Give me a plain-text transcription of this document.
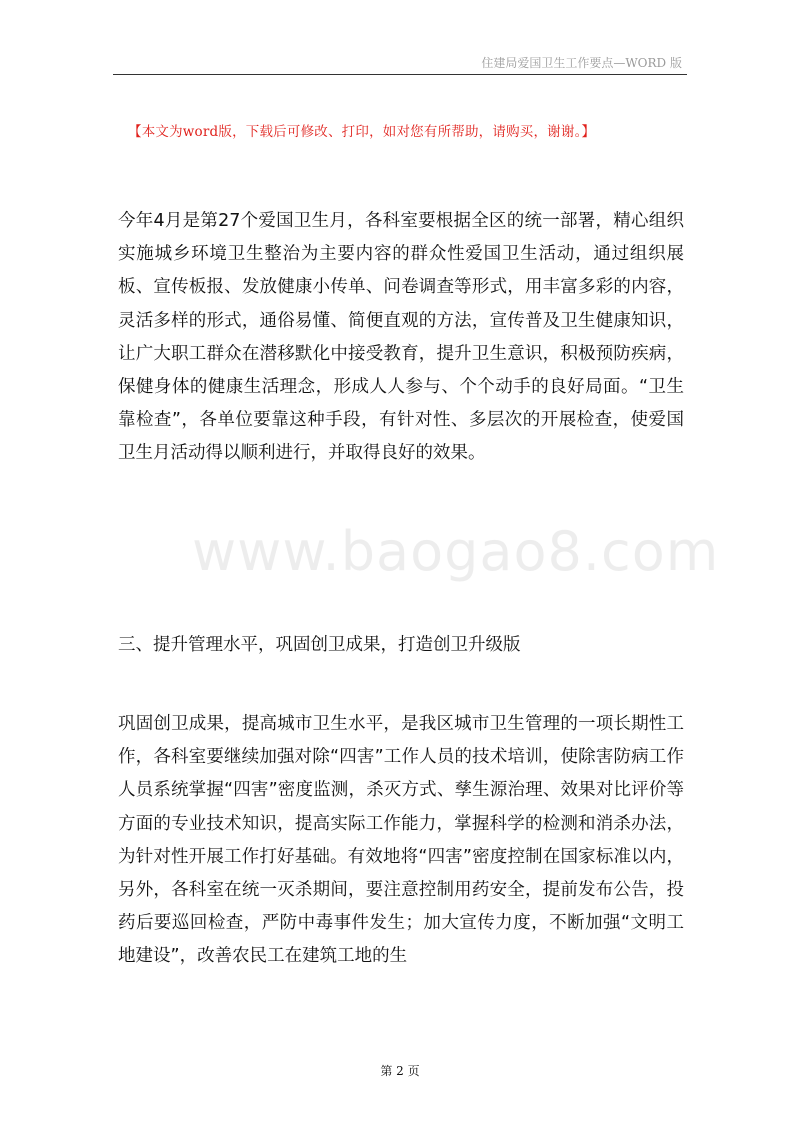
住建局爱国卫生工作要点—WORD 版
【本文为word版，下载后可修改、打印，如对您有所帮助，请购买，谢谢。】

今年4月是第27个爱国卫生月，各科室要根据全区的统一部署，精心组织实施城乡环境卫生整治为主要内容的群众性爱国卫生活动，通过组织展板、宣传板报、发放健康小传单、问卷调查等形式，用丰富多彩的内容，灵活多样的形式，通俗易懂、简便直观的方法，宣传普及卫生健康知识，让广大职工群众在潜移默化中接受教育，提升卫生意识，积极预防疾病，保健身体的健康生活理念，形成人人参与、个个动手的良好局面。“卫生靠检查”，各单位要靠这种手段，有针对性、多层次的开展检查，使爱国卫生月活动得以顺利进行，并取得良好的效果。

www.baogao8.com
三、提升管理水平，巩固创卫成果，打造创卫升级版

巩固创卫成果，提高城市卫生水平，是我区城市卫生管理的一项长期性工作，各科室要继续加强对除“四害”工作人员的技术培训，使除害防病工作人员系统掌握“四害”密度监测，杀灭方式、孳生源治理、效果对比评价等方面的专业技术知识，提高实际工作能力，掌握科学的检测和消杀办法，为针对性开展工作打好基础。有效地将“四害”密度控制在国家标准以内，另外，各科室在统一灭杀期间，要注意控制用药安全，提前发布公告，投药后要巡回检查，严防中毒事件发生；加大宣传力度，不断加强“文明工地建设”，改善农民工在建筑工地的生

第 2 页
